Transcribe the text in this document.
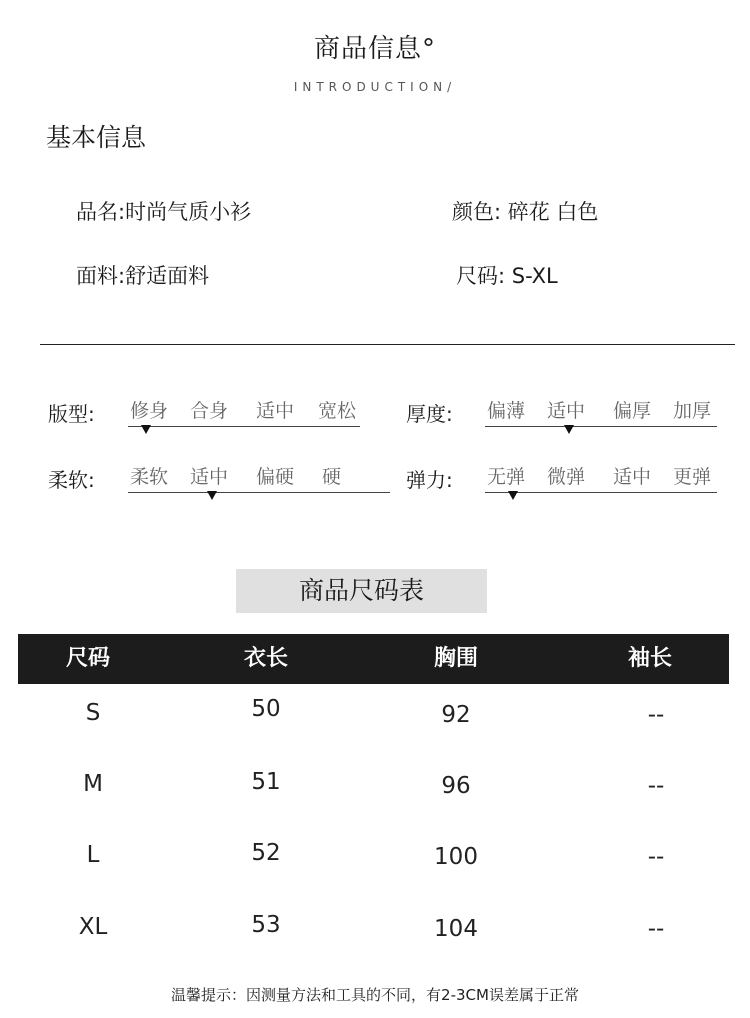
商品信息°
INTRODUCTION/
基本信息
品名:时尚气质小衫
面料:舒适面料
颜色: 碎花 白色
尺码: S-XL
版型: 修身 合身 适中 宽松 厚度: 偏薄 适中 偏厚 加厚
柔软: 柔软 适中 偏硬 硬	弹力: 无弹 微弹 适中 更弹
商品尺码表
尺码	衣长	胸围	袖长
S	50	92	--
M	51	96	--
L	52	100	--
XL	53	104	--
温馨提示：因测量方法和工具的不同，有2-3CM误差属于正常
